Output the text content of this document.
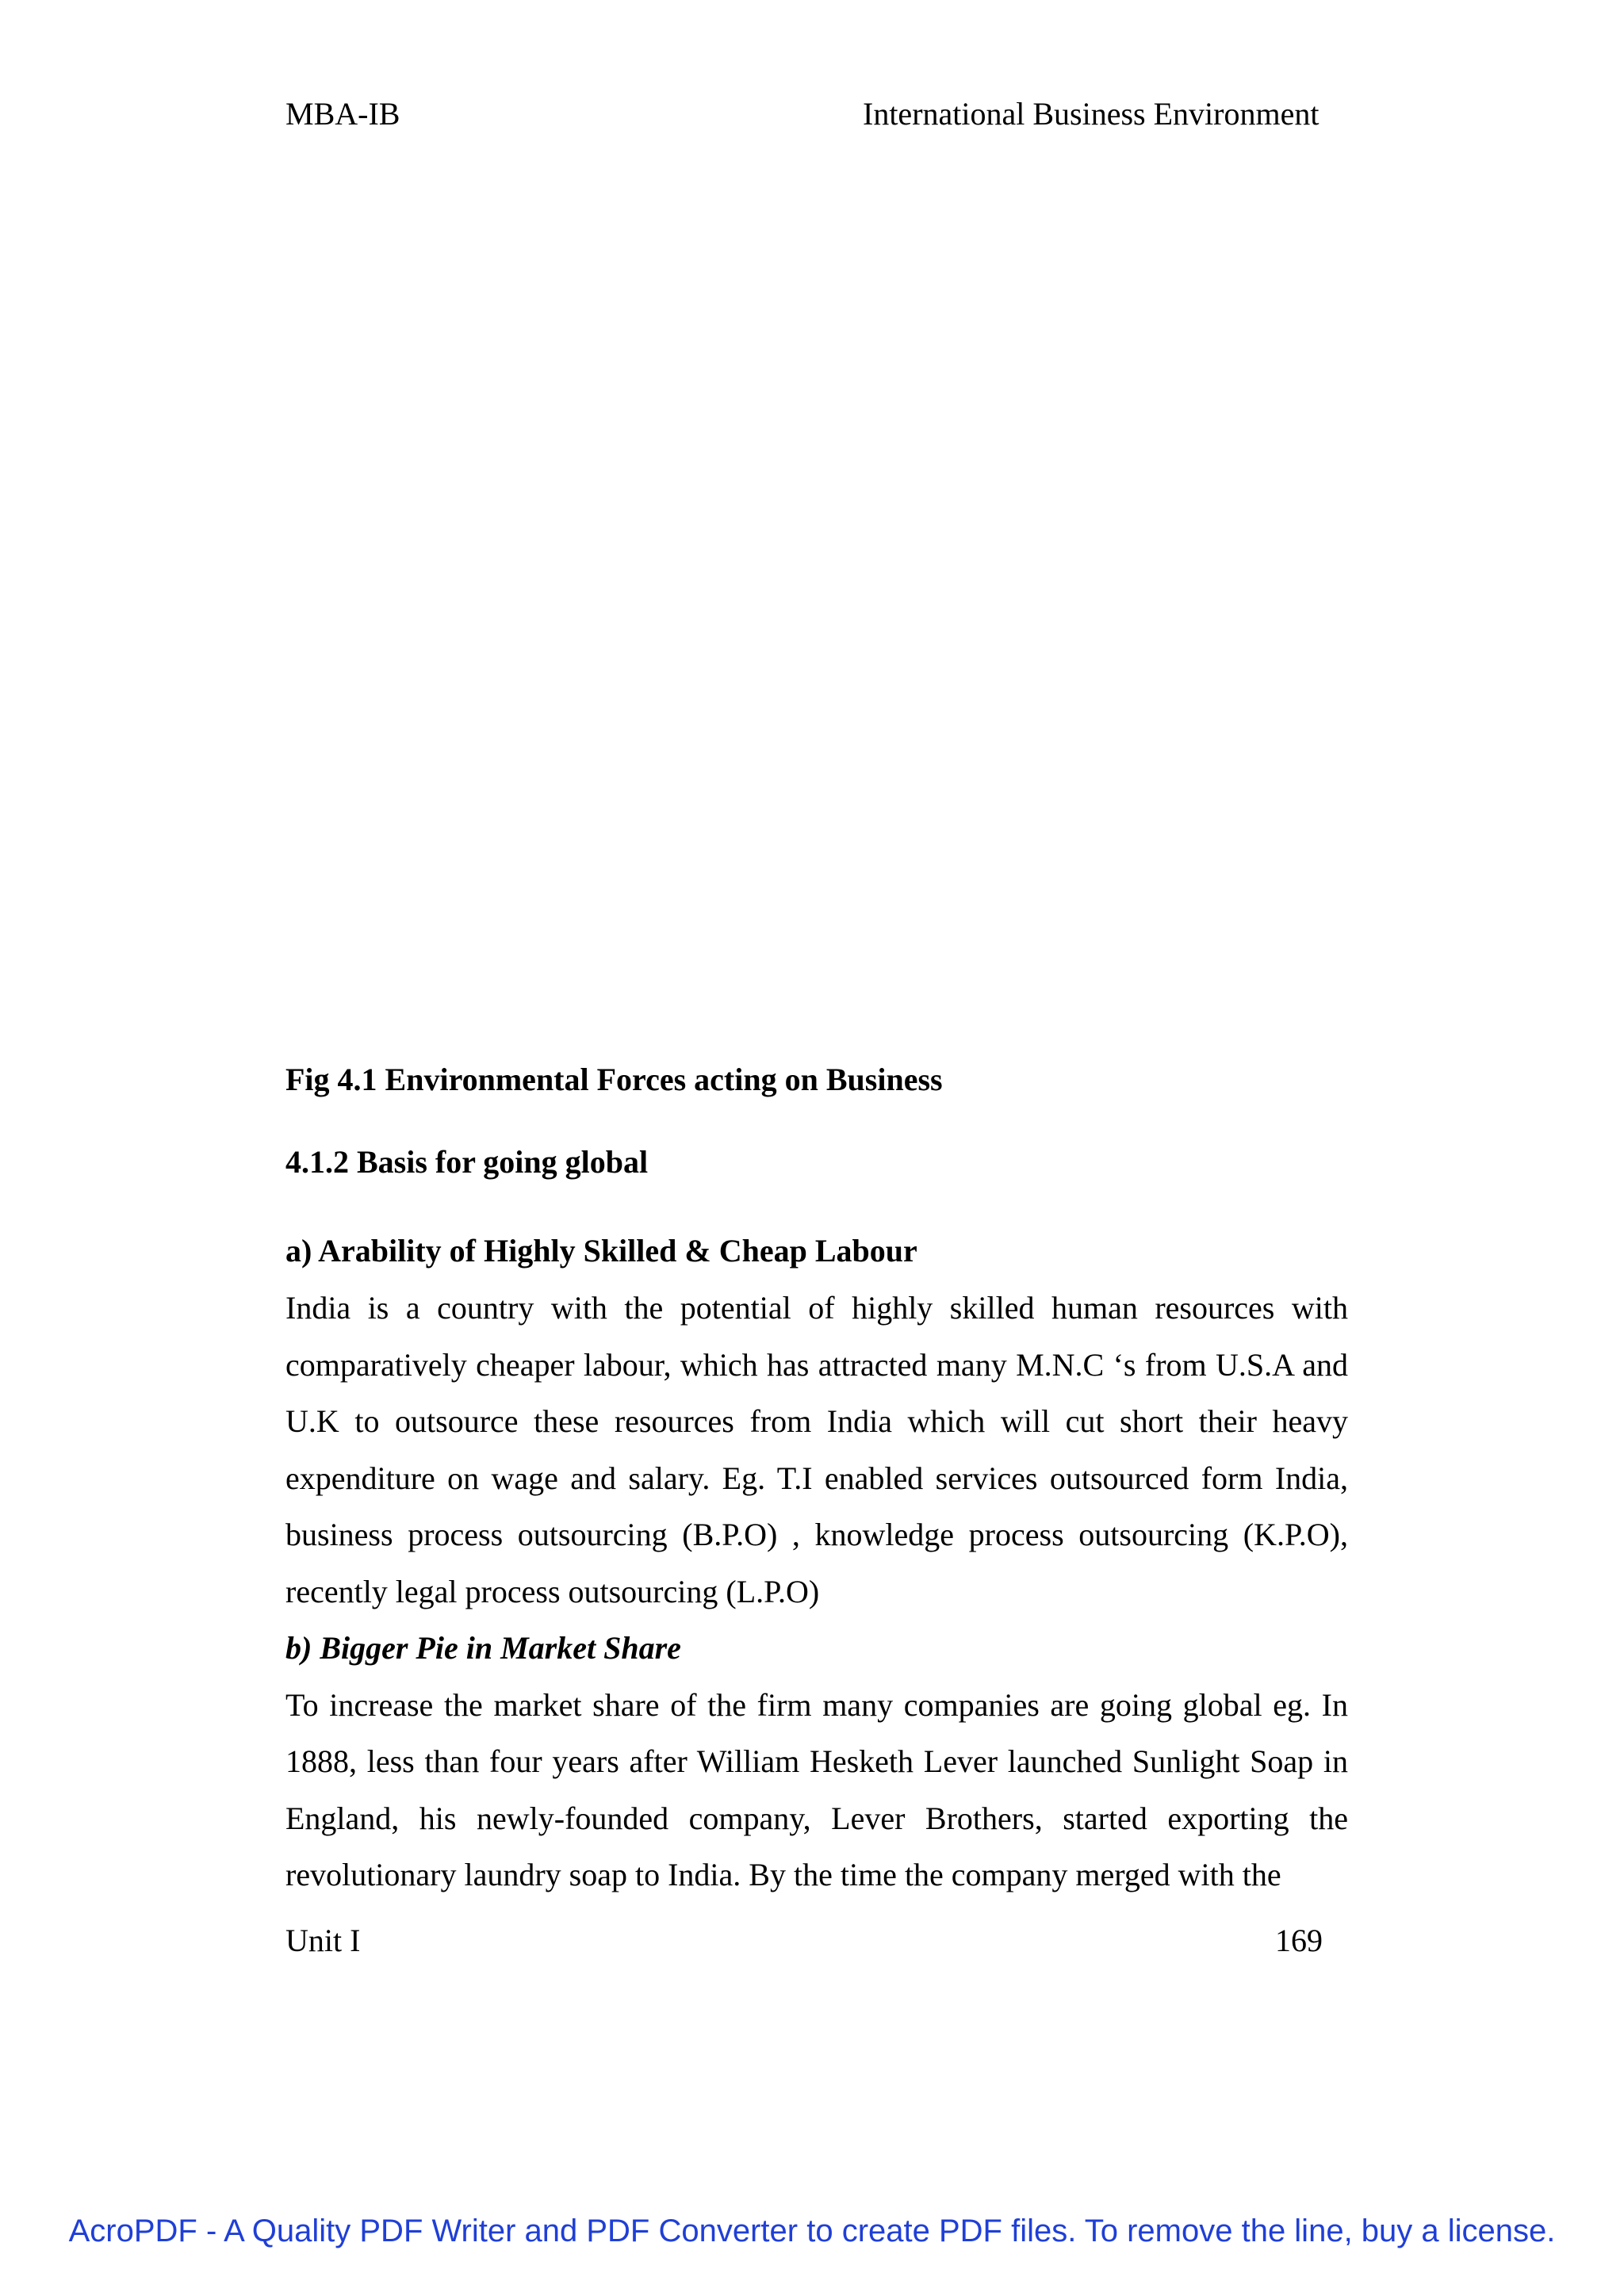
MBA-IB	International Business Environment

Fig 4.1 Environmental Forces acting on Business

4.1.2 Basis for going global

a) Arability of Highly Skilled & Cheap Labour

India is a country with the potential of highly skilled human resources with comparatively cheaper labour, which has attracted many M.N.C ‘s from U.S.A and U.K to outsource these resources from India which will cut short their heavy expenditure on wage and salary. Eg. T.I enabled services outsourced form India, business process outsourcing (B.P.O) , knowledge process outsourcing (K.P.O), recently legal process outsourcing (L.P.O)

b) Bigger Pie in Market Share

To increase the market share of the firm many companies are going global eg. In 1888, less than four years after William Hesketh Lever launched Sunlight Soap in England, his newly-founded company, Lever Brothers, started exporting the revolutionary laundry soap to India. By the time the company merged with the

Unit I	169

AcroPDF - A Quality PDF Writer and PDF Converter to create PDF files. To remove the line, buy a license.
